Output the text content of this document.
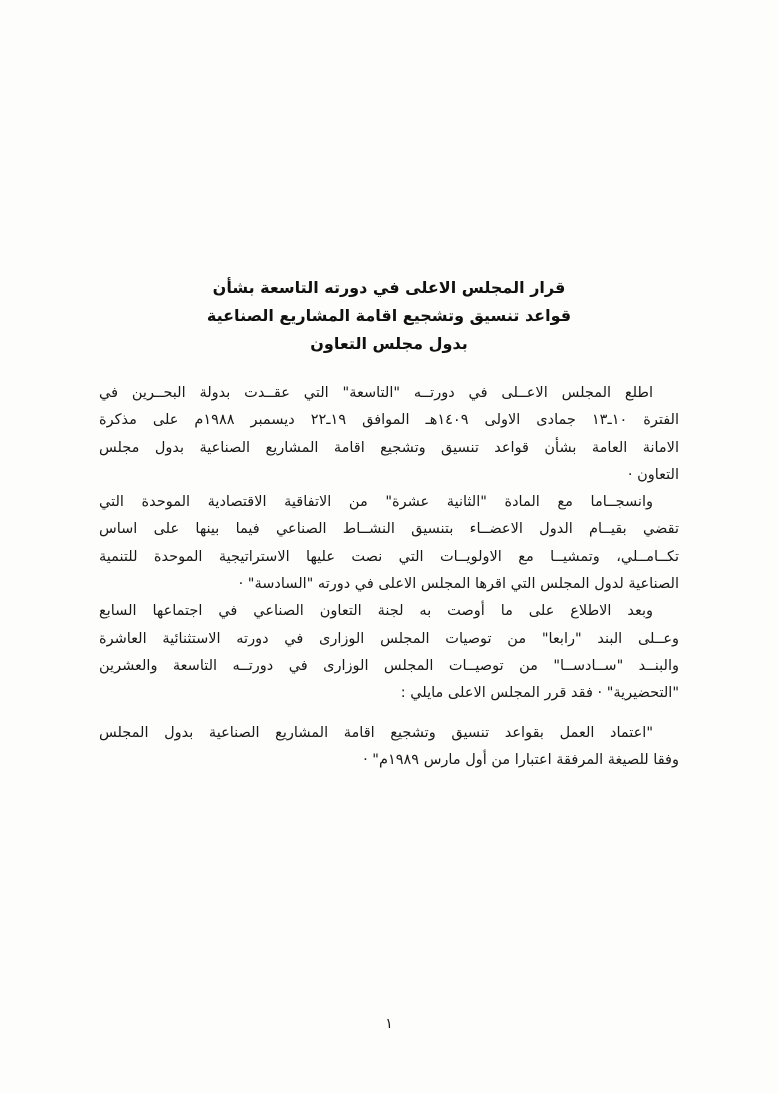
قرار المجلس الاعلى في دورته التاسعة بشأن
قواعد تنسيق وتشجيع اقامة المشاريع الصناعية
بدول مجلس التعاون
اطلع المجلس الاعــلى في دورتــه "التاسعة" التي عقــدت بدولة البحــرين في
الفترة ١٠ـ١٣ جمادى الاولى ١٤٠٩هـ الموافق ١٩ـ٢٢ ديسمبر ١٩٨٨م على مذكرة
الامانة العامة بشأن قواعد تنسيق وتشجيع اقامة المشاريع الصناعية بدول مجلس
التعاون ·
وانسجــاما مع المادة "الثانية عشرة" من الاتفاقية الاقتصادية الموحدة التي
تقضي بقيــام الدول الاعضــاء بتنسيق النشــاط الصناعي فيما بينها على اساس
تكــامــلي، وتمشيــا مع الاولويــات التي نصت عليها الاستراتيجية الموحدة للتنمية
الصناعية لدول المجلس التي اقرها المجلس الاعلى في دورته "السادسة" ·
وبعد الاطلاع على ما أوصت به لجنة التعاون الصناعي في اجتماعها السابع
وعــلى البند "رابعا" من توصيات المجلس الوزارى في دورته الاستثنائية العاشرة
والبنــد "ســادســا" من توصيــات المجلس الوزارى في دورتــه التاسعة والعشرين
"التحضيرية" · فقد قرر المجلس الاعلى مايلي :
"اعتماد العمل بقواعد تنسيق وتشجيع اقامة المشاريع الصناعية بدول المجلس
وفقا للصيغة المرفقة اعتبارا من أول مارس ١٩٨٩م" ·
١
